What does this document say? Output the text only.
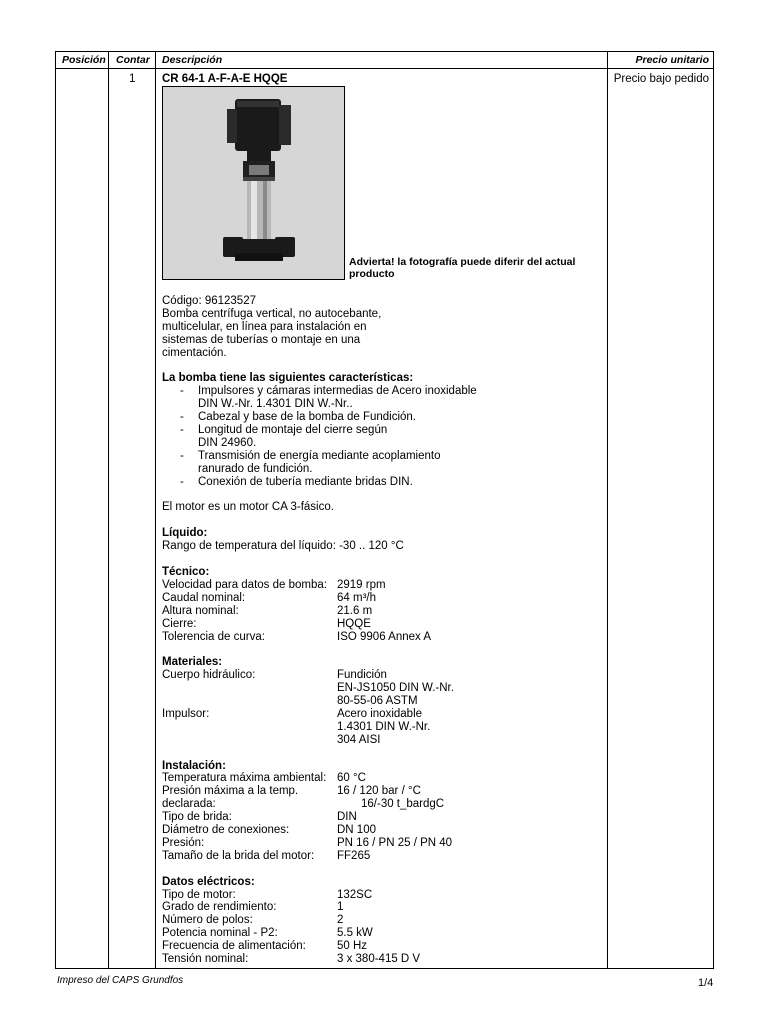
Posición Contar Descripción	Precio unitario
1 CR 64-1 A-F-A-E HQQE	Precio bajo pedido
Advierta! la fotografía puede diferir del actual producto

Código: 96123527

Bomba centrífuga vertical, no autocebante,

multicelular, en línea para instalación en

sistemas de tuberías o montaje en una

cimentación.

La bomba tiene las siguientes características:

- Impulsores y cámaras intermedias de Acero inoxidable
DIN W.-Nr. 1.4301 DIN W.-Nr..
- Cabezal y base de la bomba de Fundición.
- Longitud de montaje del cierre según
DIN 24960.
- Transmisión de energía mediante acoplamiento
ranurado de fundición.
- Conexión de tubería mediante bridas DIN.

El motor es un motor CA 3-fásico.

Líquido:

Rango de temperatura del líquido: -30 .. 120 °C

Técnico:

Velocidad para datos de bomba: 2919 rpm
Caudal nominal:	64 m³/h
Altura nominal:	21.6 m
Cierre:	HQQE
Tolerencia de curva:	ISO 9906 Annex A

Materiales:

Cuerpo hidráulico:	Fundición
EN-JS1050 DIN W.-Nr.
80-55-06 ASTM
Impulsor:	Acero inoxidable
1.4301 DIN W.-Nr.
304 AISI

Instalación:

Temperatura máxima ambiental: 60 °C
Presión máxima a la temp. declarada:
16 / 120 bar / °C
16/-30 t_bardgC
Tipo de brida:	DIN
Diámetro de conexiones:	DN 100
Presión:	PN 16 / PN 25 / PN 40
Tamaño de la brida del motor:	FF265

Datos eléctricos:

Tipo de motor:	132SC
Grado de rendimiento:	1
Número de polos:	2
Potencia nominal - P2:	5.5 kW
Frecuencia de alimentación:	50 Hz
Tensión nominal:	3 x 380-415 D V
Impreso del CAPS Grundfos	1/4
